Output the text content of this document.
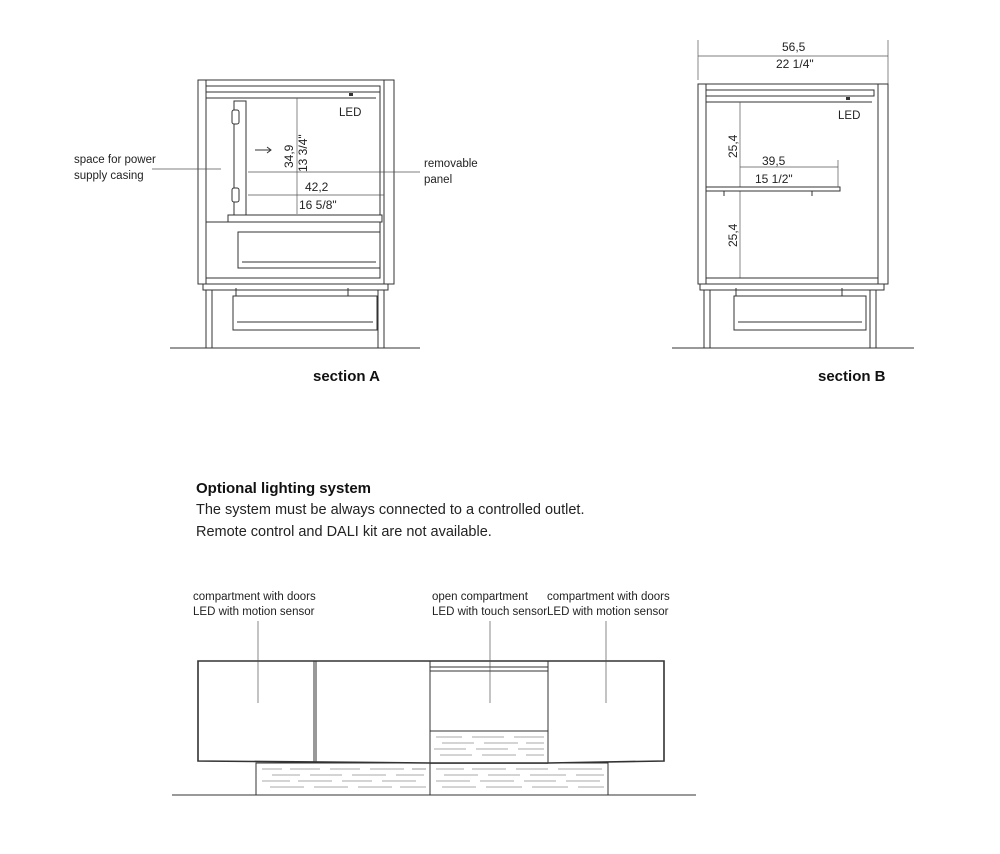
LED
space for power
supply casing
removable
panel
34,9 13 3/4"
42,2
16 5/8"
section A
56,5
22 1/4"
LED
39,5
15 1/2"
25,4
25,4
section B
Optional lighting system
The system must be always connected to a controlled outlet.
Remote control and DALI kit are not available.
compartment with doors
LED with motion sensor
open compartment
LED with touch sensor
compartment with doors
LED with motion sensor
